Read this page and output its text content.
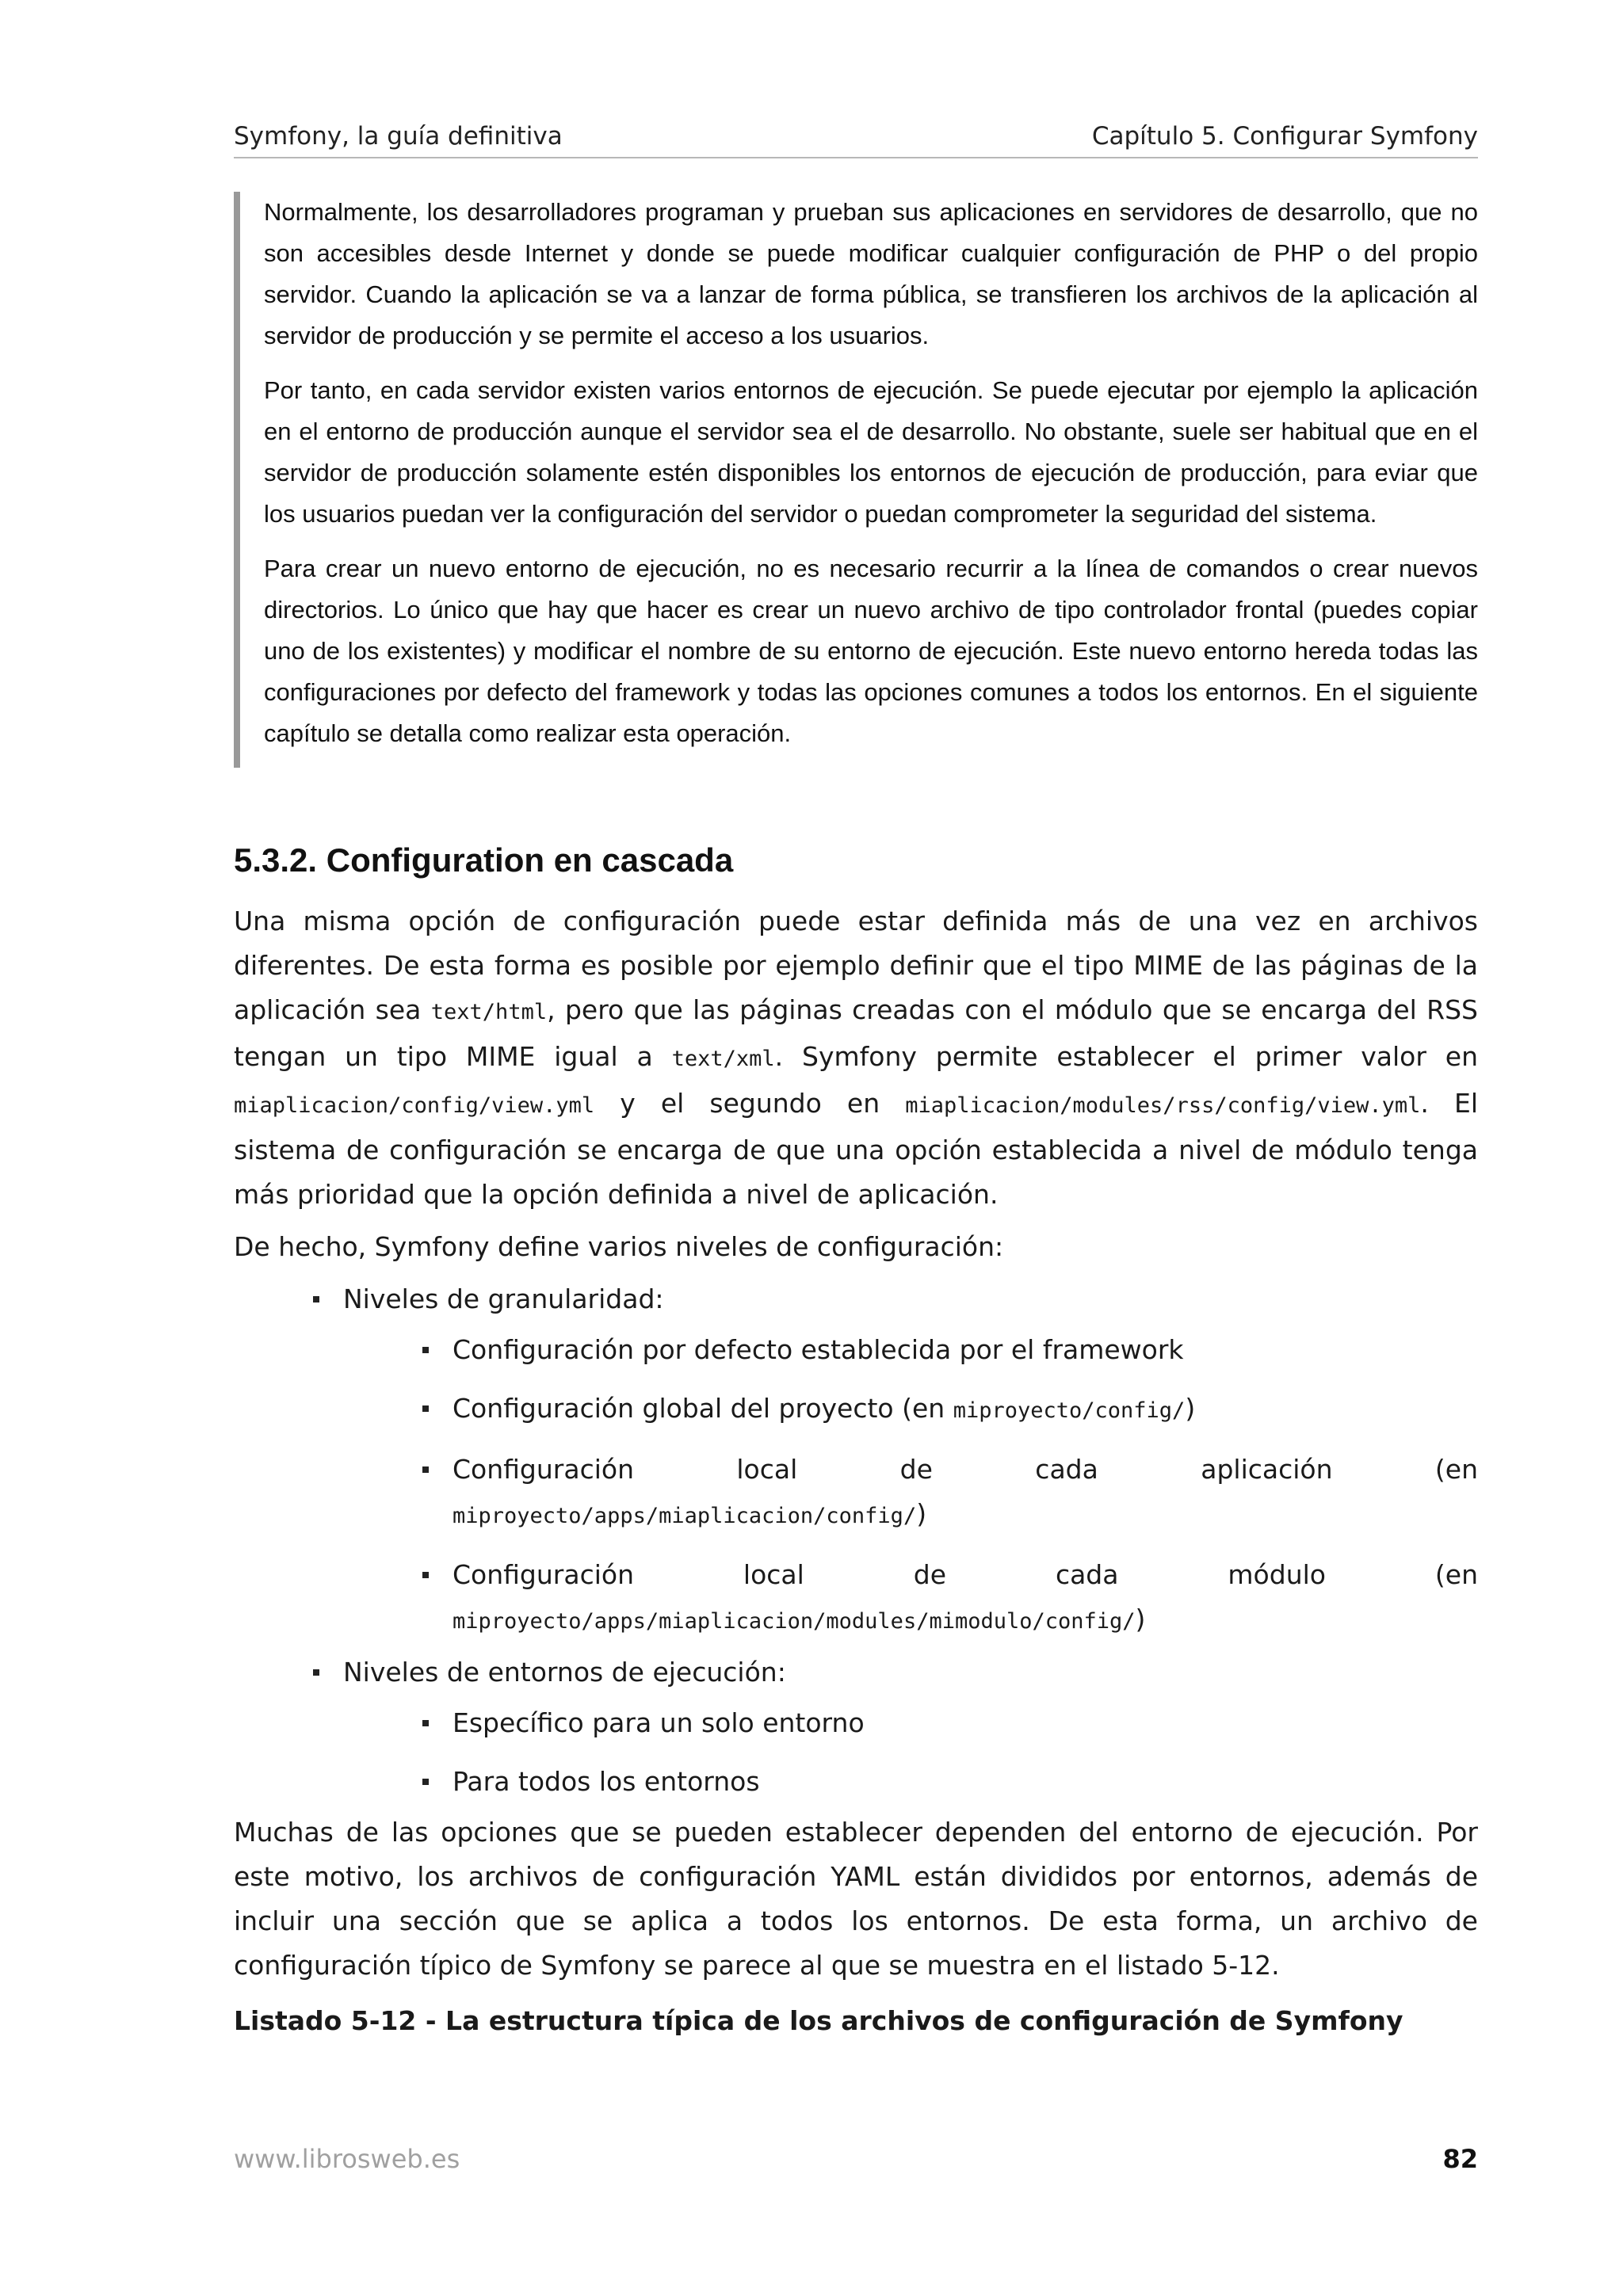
Symfony, la guía definitiva	Capítulo 5. Configurar Symfony

Normalmente, los desarrolladores programan y prueban sus aplicaciones en servidores de desarrollo, que no son accesibles desde Internet y donde se puede modificar cualquier configuración de PHP o del propio servidor. Cuando la aplicación se va a lanzar de forma pública, se transfieren los archivos de la aplicación al servidor de producción y se permite el acceso a los usuarios.

Por tanto, en cada servidor existen varios entornos de ejecución. Se puede ejecutar por ejemplo la aplicación en el entorno de producción aunque el servidor sea el de desarrollo. No obstante, suele ser habitual que en el servidor de producción solamente estén disponibles los entornos de ejecución de producción, para eviar que los usuarios puedan ver la configuración del servidor o puedan comprometer la seguridad del sistema.

Para crear un nuevo entorno de ejecución, no es necesario recurrir a la línea de comandos o crear nuevos directorios. Lo único que hay que hacer es crear un nuevo archivo de tipo controlador frontal (puedes copiar uno de los existentes) y modificar el nombre de su entorno de ejecución. Este nuevo entorno hereda todas las configuraciones por defecto del framework y todas las opciones comunes a todos los entornos. En el siguiente capítulo se detalla como realizar esta operación.

5.3.2. Configuration en cascada

Una misma opción de configuración puede estar definida más de una vez en archivos diferentes. De esta forma es posible por ejemplo definir que el tipo MIME de las páginas de la aplicación sea text/html, pero que las páginas creadas con el módulo que se encarga del RSS tengan un tipo MIME igual a text/xml. Symfony permite establecer el primer valor en miaplicacion/config/view.yml y el segundo en miaplicacion/modules/rss/config/view.yml. El sistema de configuración se encarga de que una opción establecida a nivel de módulo tenga más prioridad que la opción definida a nivel de aplicación.

De hecho, Symfony define varios niveles de configuración:

Niveles de granularidad:
Configuración por defecto establecida por el framework
Configuración global del proyecto (en miproyecto/config/)
Configuración local de cada aplicación (en miproyecto/apps/miaplicacion/config/)
Configuración local de cada módulo (en miproyecto/apps/miaplicacion/modules/mimodulo/config/)
Niveles de entornos de ejecución:
Específico para un solo entorno
Para todos los entornos

Muchas de las opciones que se pueden establecer dependen del entorno de ejecución. Por este motivo, los archivos de configuración YAML están divididos por entornos, además de incluir una sección que se aplica a todos los entornos. De esta forma, un archivo de configuración típico de Symfony se parece al que se muestra en el listado 5-12.

Listado 5-12 - La estructura típica de los archivos de configuración de Symfony
www.librosweb.es	82
